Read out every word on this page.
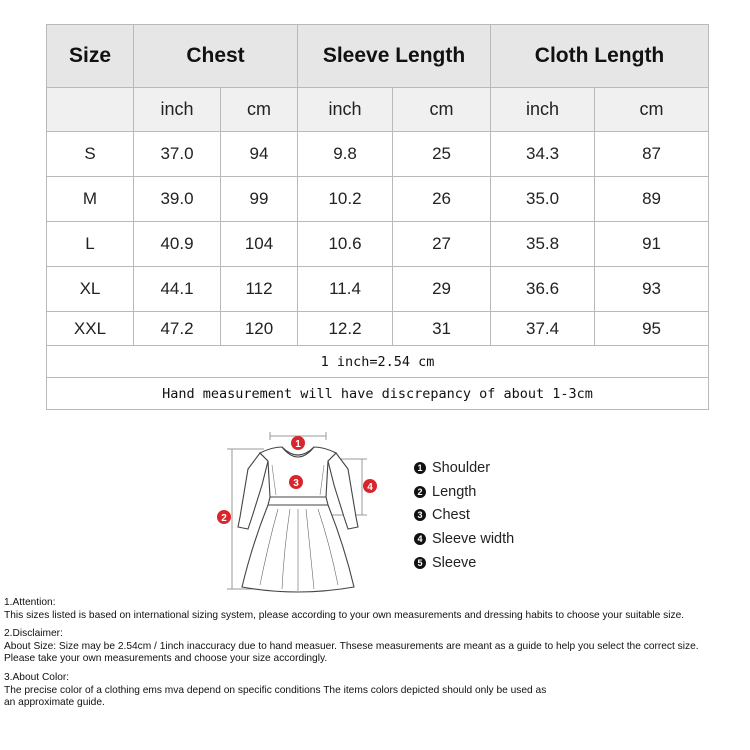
Size	Chest		Sleeve Length		Cloth Length	
	inch	cm	inch	cm	inch	cm
S	37.0	94	9.8	25	34.3	87
M	39.0	99	10.2	26	35.0	89
L	40.9	104	10.6	27	35.8	91
XL	44.1	112	11.4	29	36.6	93
XXL	47.2	120	12.2	31	37.4	95
1 inch=2.54 cm						
Hand measurement will have discrepancy of about 1-3cm						
1
2
3	4
1 Shoulder
2 Length
3 Chest
4 Sleeve width
5 Sleeve

1.Attention:

This sizes listed is based on international sizing system, please according to your own measurements and dressing habits to choose your suitable size.

2.Disclaimer:

About Size: Size may be 2.54cm / 1inch inaccuracy due to hand measuer. Thsese measurements are meant as a guide to help you select the correct size.

Please take your own measurements and choose your size accordingly.

3.About Color:

The precise color of a clothing ems mva depend on specific conditions The items colors depicted should only be used as

an approximate guide.
